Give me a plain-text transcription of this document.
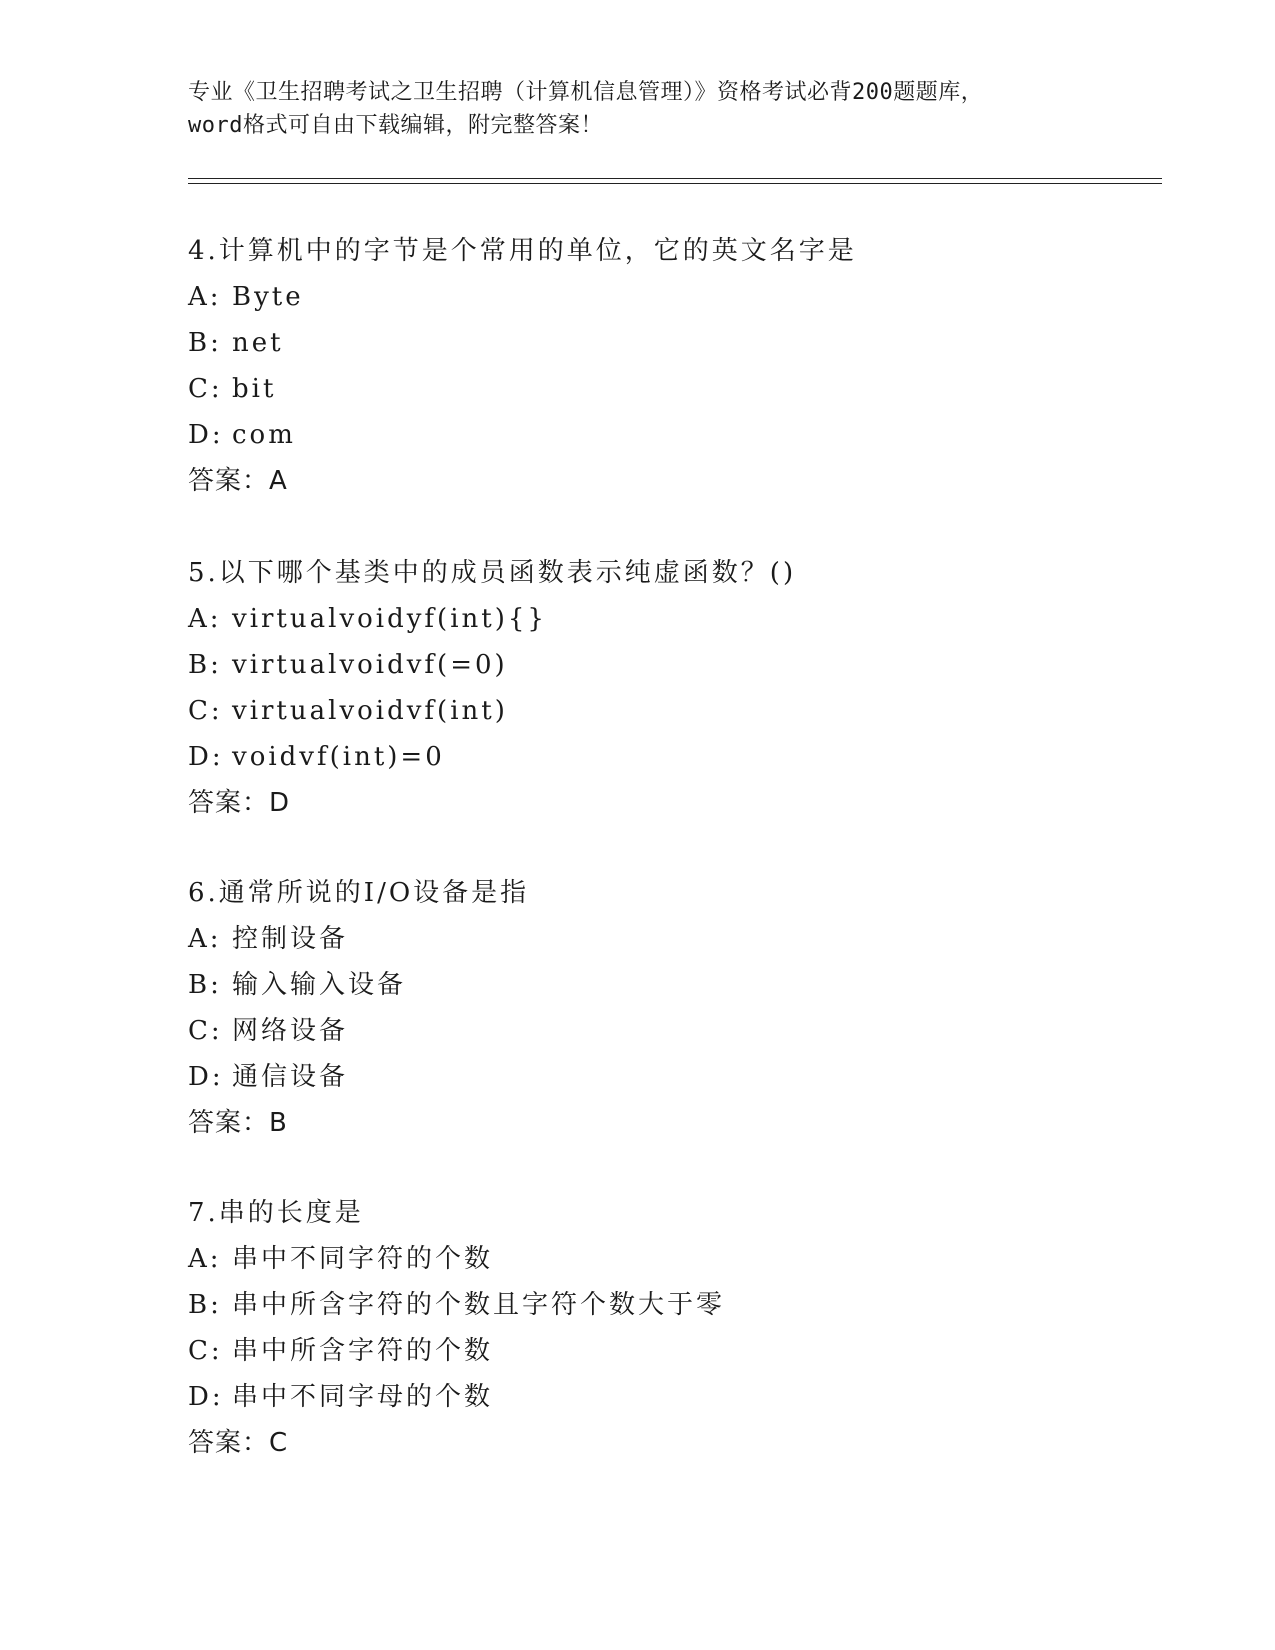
专业《卫生招聘考试之卫生招聘（计算机信息管理）》资格考试必背200题题库，
word格式可自由下载编辑，附完整答案！
4.计算机中的字节是个常用的单位，它的英文名字是
A: Byte
B: net
C: bit
D: com
答案：A
5.以下哪个基类中的成员函数表示纯虚函数？()
A: virtualvoidyf(int){}
B: virtualvoidvf(=0)
C: virtualvoidvf(int)
D: voidvf(int)=0
答案：D
6.通常所说的I/O设备是指
A: 控制设备
B: 输入输入设备
C: 网络设备
D: 通信设备
答案：B
7.串的长度是
A: 串中不同字符的个数
B: 串中所含字符的个数且字符个数大于零
C: 串中所含字符的个数
D: 串中不同字母的个数
答案：C
